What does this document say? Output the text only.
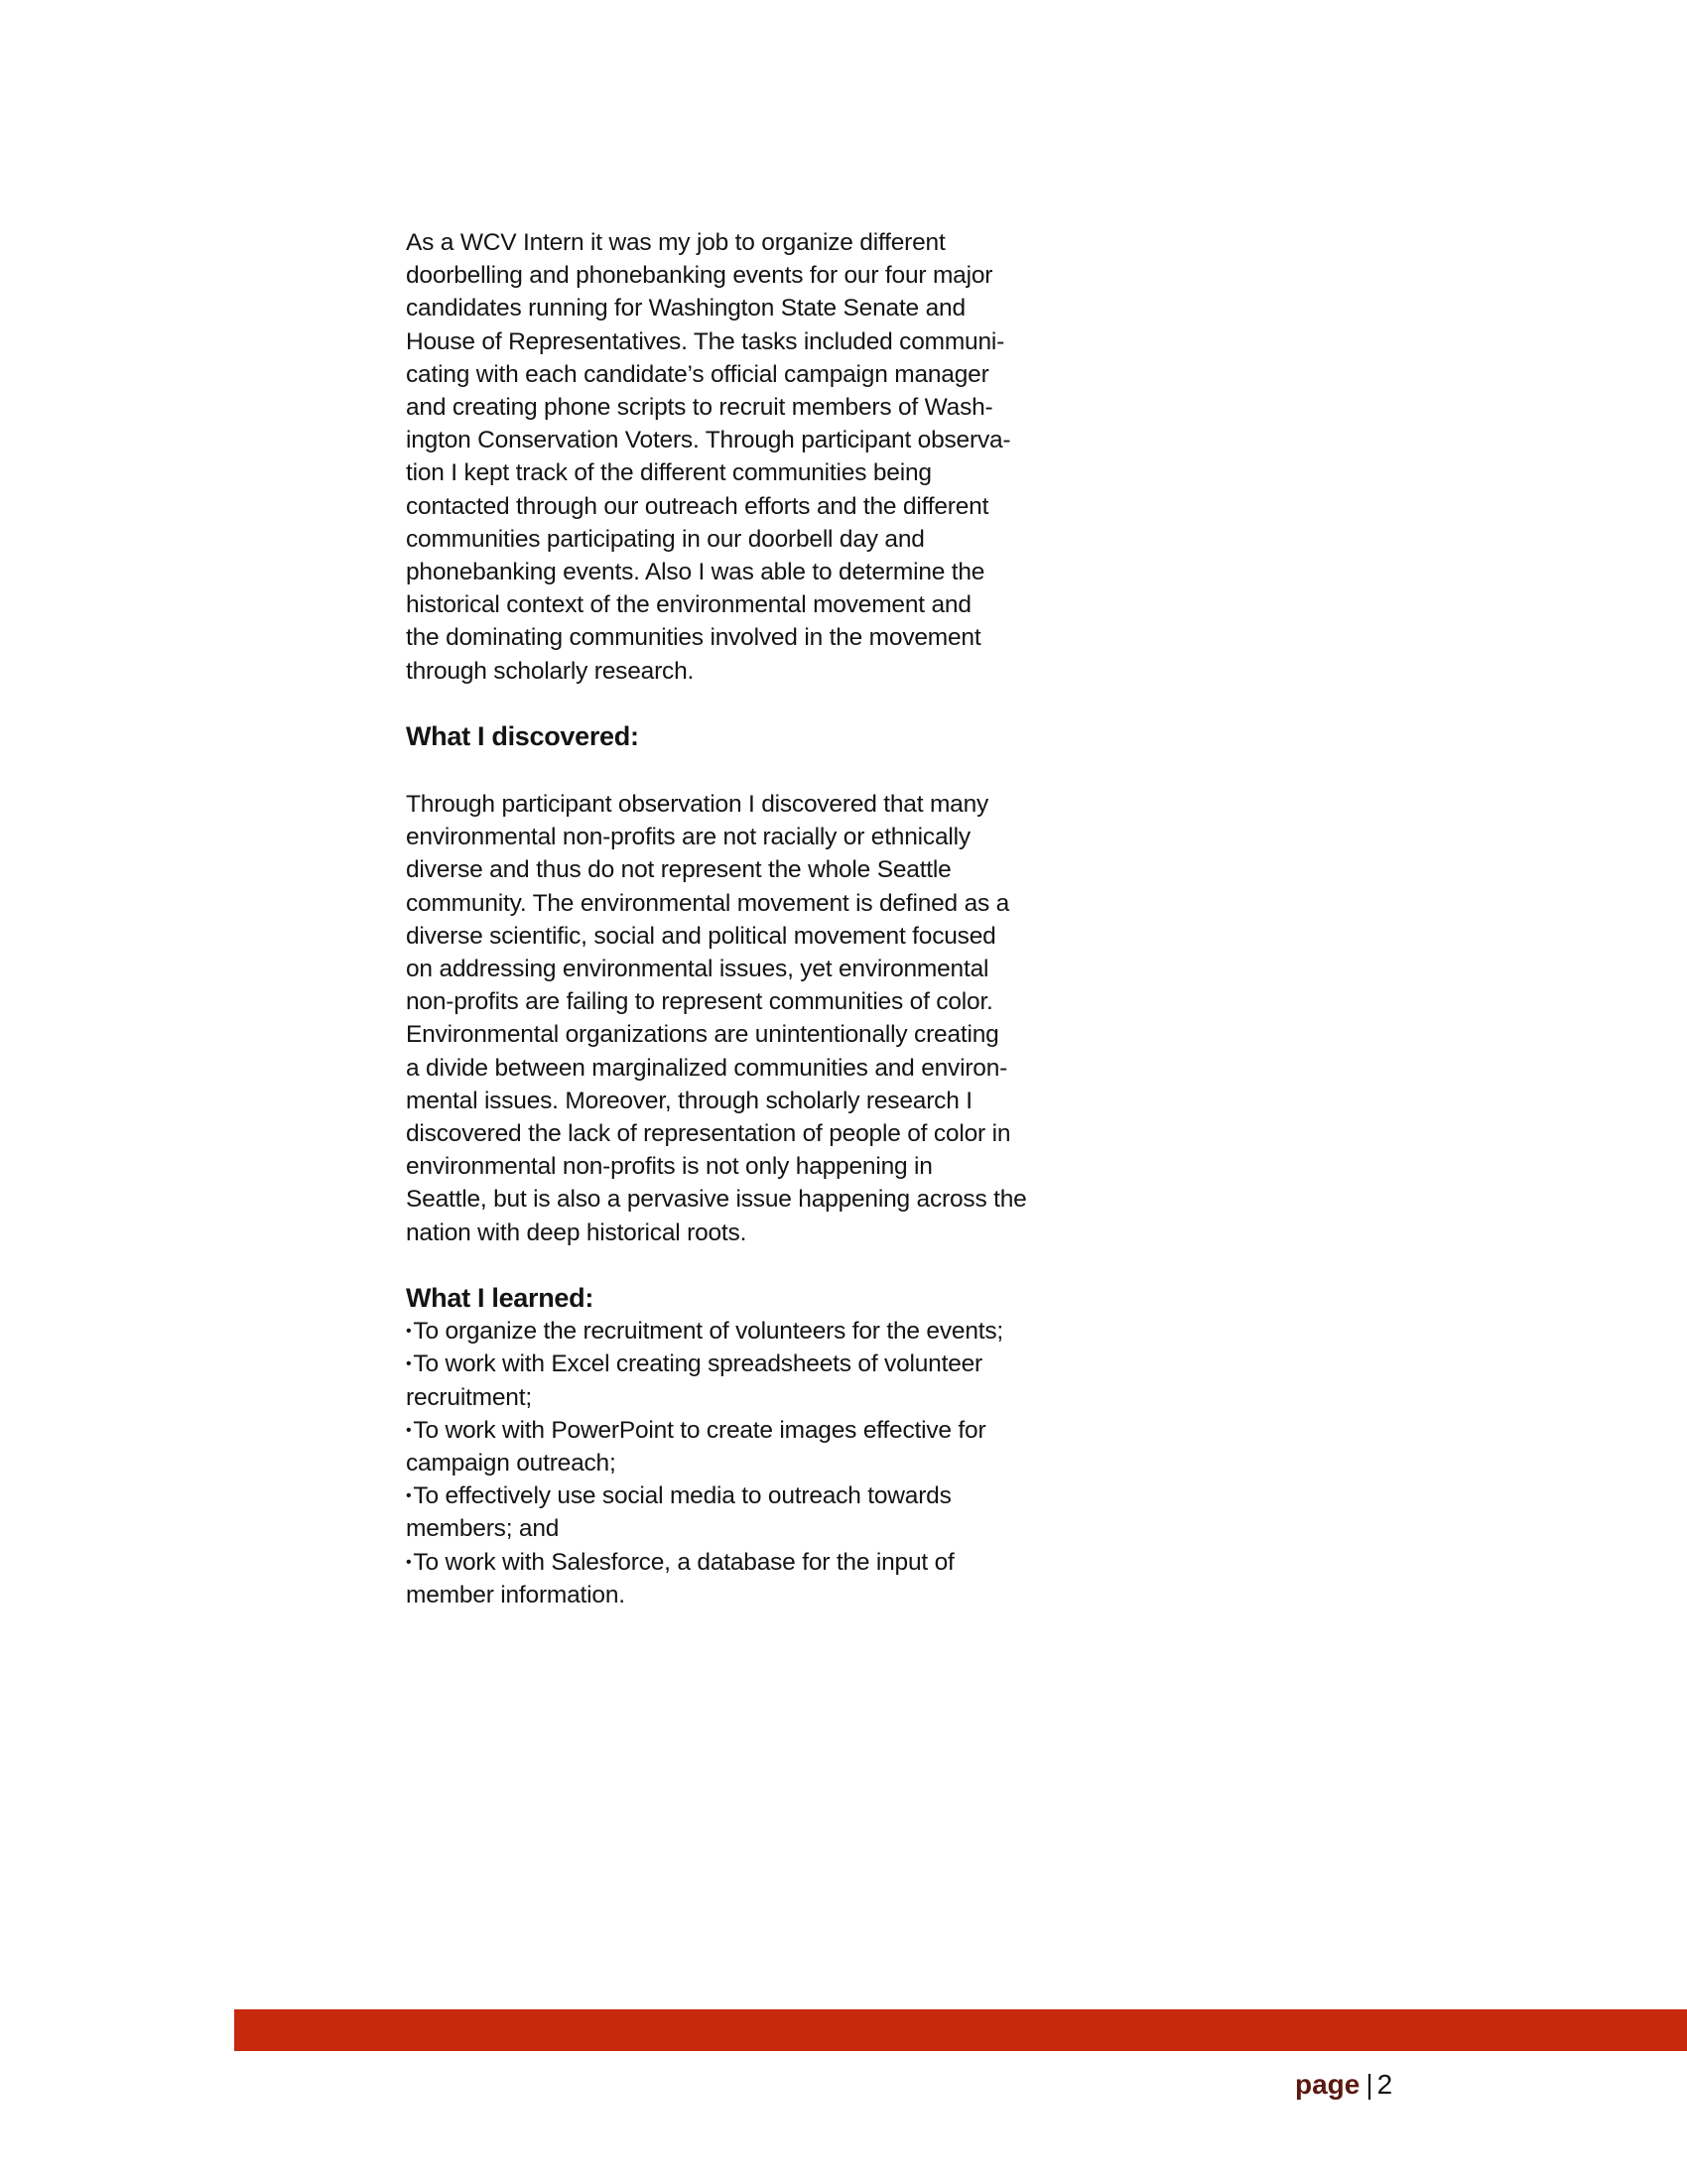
As a WCV Intern it was my job to organize different
doorbelling and phonebanking events for our four major
candidates running for Washington State Senate and
House of Representatives. The tasks included communi-
cating with each candidate’s official campaign manager
and creating phone scripts to recruit members of Wash-
ington Conservation Voters. Through participant observa-
tion I kept track of the different communities being
contacted through our outreach efforts and the different
communities participating in our doorbell day and
phonebanking events. Also I was able to determine the
historical context of the environmental movement and
the dominating communities involved in the movement
through scholarly research.
What I discovered:
Through participant observation I discovered that many
environmental non-profits are not racially or ethnically
diverse and thus do not represent the whole Seattle
community. The environmental movement is defined as a
diverse scientific, social and political movement focused
on addressing environmental issues, yet environmental
non-profits are failing to represent communities of color.
Environmental organizations are unintentionally creating
a divide between marginalized communities and environ-
mental issues. Moreover, through scholarly research I
discovered the lack of representation of people of color in
environmental non-profits is not only happening in
Seattle, but is also a pervasive issue happening across the
nation with deep historical roots.
What I learned:
•To organize the recruitment of volunteers for the events;
•To work with Excel creating spreadsheets of volunteer
recruitment;
•To work with PowerPoint to create images effective for
campaign outreach;
•To effectively use social media to outreach towards
members; and
•To work with Salesforce, a database for the input of
member information.
page | 2
